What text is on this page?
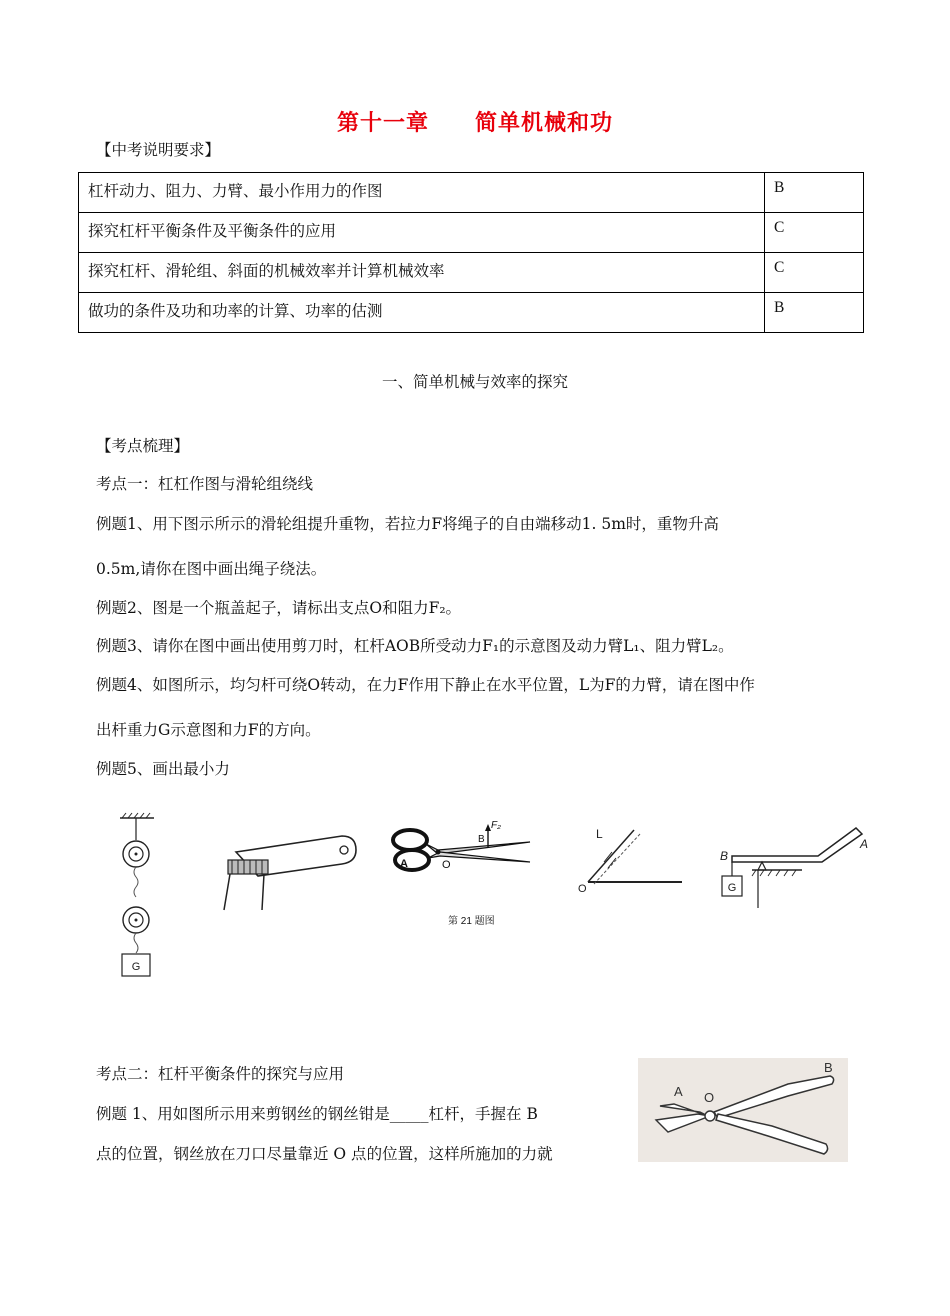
第十一章　　简单机械和功
【中考说明要求】
杠杆动力、阻力、力臂、最小作用力的作图	B
探究杠杆平衡条件及平衡条件的应用	C
探究杠杆、滑轮组、斜面的机械效率并计算机械效率	C
做功的条件及功和功率的计算、功率的估测	B
一、简单机械与效率的探究
【考点梳理】
考点一：杠杠作图与滑轮组绕线
例题1、用下图示所示的滑轮组提升重物，若拉力F将绳子的自由端移动1. 5m时，重物升高
0.5m,请你在图中画出绳子绕法。
例题2、图是一个瓶盖起子，请标出支点O和阻力F₂。
例题3、请你在图中画出使用剪刀时，杠杆AOB所受动力F₁的示意图及动力臂L₁、阻力臂L₂。
例题4、如图所示，均匀杆可绕O转动，在力F作用下静止在水平位置，L为F的力臂，请在图中作
出杆重力G示意图和力F的方向。
例题5、画出最小力
G
A	O
B
F₂
第 21 题图
L
O	G
B
A
考点二：杠杆平衡条件的探究与应用
例题 1、用如图所示用来剪钢丝的钢丝钳是_____杠杆，手握在 B
点的位置，钢丝放在刀口尽量靠近 O 点的位置，这样所施加的力就
A O
B
